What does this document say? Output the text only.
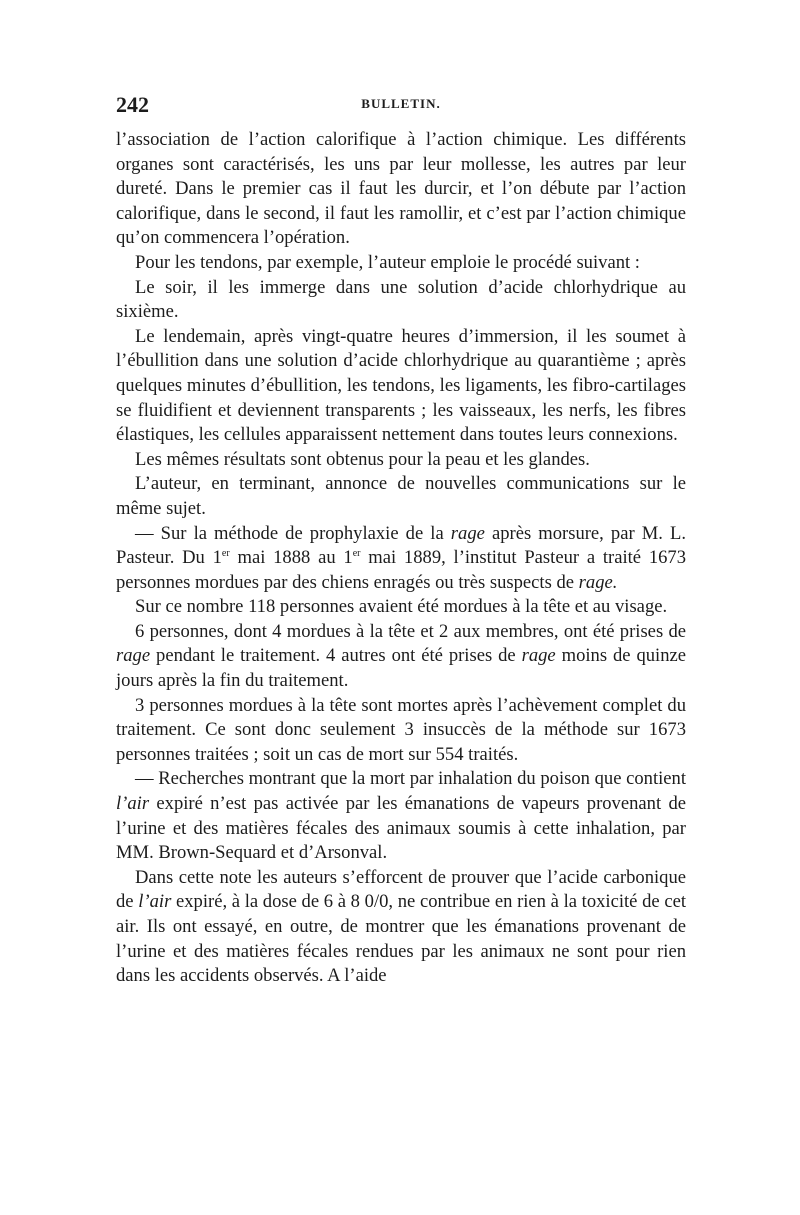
242	BULLETIN.

l’association de l’action calorifique à l’action chimique. Les différents organes sont caractérisés, les uns par leur mollesse, les autres par leur dureté. Dans le premier cas il faut les durcir, et l’on débute par l’action calorifique, dans le second, il faut les ramollir, et c’est par l’action chimique qu’on commencera l’opération.

Pour les tendons, par exemple, l’auteur emploie le procédé suivant :

Le soir, il les immerge dans une solution d’acide chlorhydrique au sixième.

Le lendemain, après vingt-quatre heures d’immersion, il les soumet à l’ébullition dans une solution d’acide chlorhydrique au quarantième ; après quelques minutes d’ébullition, les tendons, les ligaments, les fibro-cartilages se fluidifient et deviennent transparents ; les vaisseaux, les nerfs, les fibres élastiques, les cellules apparaissent nettement dans toutes leurs connexions.

Les mêmes résultats sont obtenus pour la peau et les glandes.

L’auteur, en terminant, annonce de nouvelles communications sur le même sujet.

— Sur la méthode de prophylaxie de la rage après morsure, par M. L. Pasteur. Du 1er mai 1888 au 1er mai 1889, l’institut Pasteur a traité 1673 personnes mordues par des chiens enragés ou très suspects de rage.

Sur ce nombre 118 personnes avaient été mordues à la tête et au visage.

6 personnes, dont 4 mordues à la tête et 2 aux membres, ont été prises de rage pendant le traitement. 4 autres ont été prises de rage moins de quinze jours après la fin du traitement.

3 personnes mordues à la tête sont mortes après l’achèvement complet du traitement. Ce sont donc seulement 3 insuccès de la méthode sur 1673 personnes traitées ; soit un cas de mort sur 554 traités.

— Recherches montrant que la mort par inhalation du poison que contient l’air expiré n’est pas activée par les émanations de vapeurs provenant de l’urine et des matières fécales des animaux soumis à cette inhalation, par MM. Brown-Sequard et d’Arsonval.

Dans cette note les auteurs s’efforcent de prouver que l’acide carbonique de l’air expiré, à la dose de 6 à 8 0/0, ne contribue en rien à la toxicité de cet air. Ils ont essayé, en outre, de montrer que les émanations provenant de l’urine et des matières fécales rendues par les animaux ne sont pour rien dans les accidents observés. A l’aide
